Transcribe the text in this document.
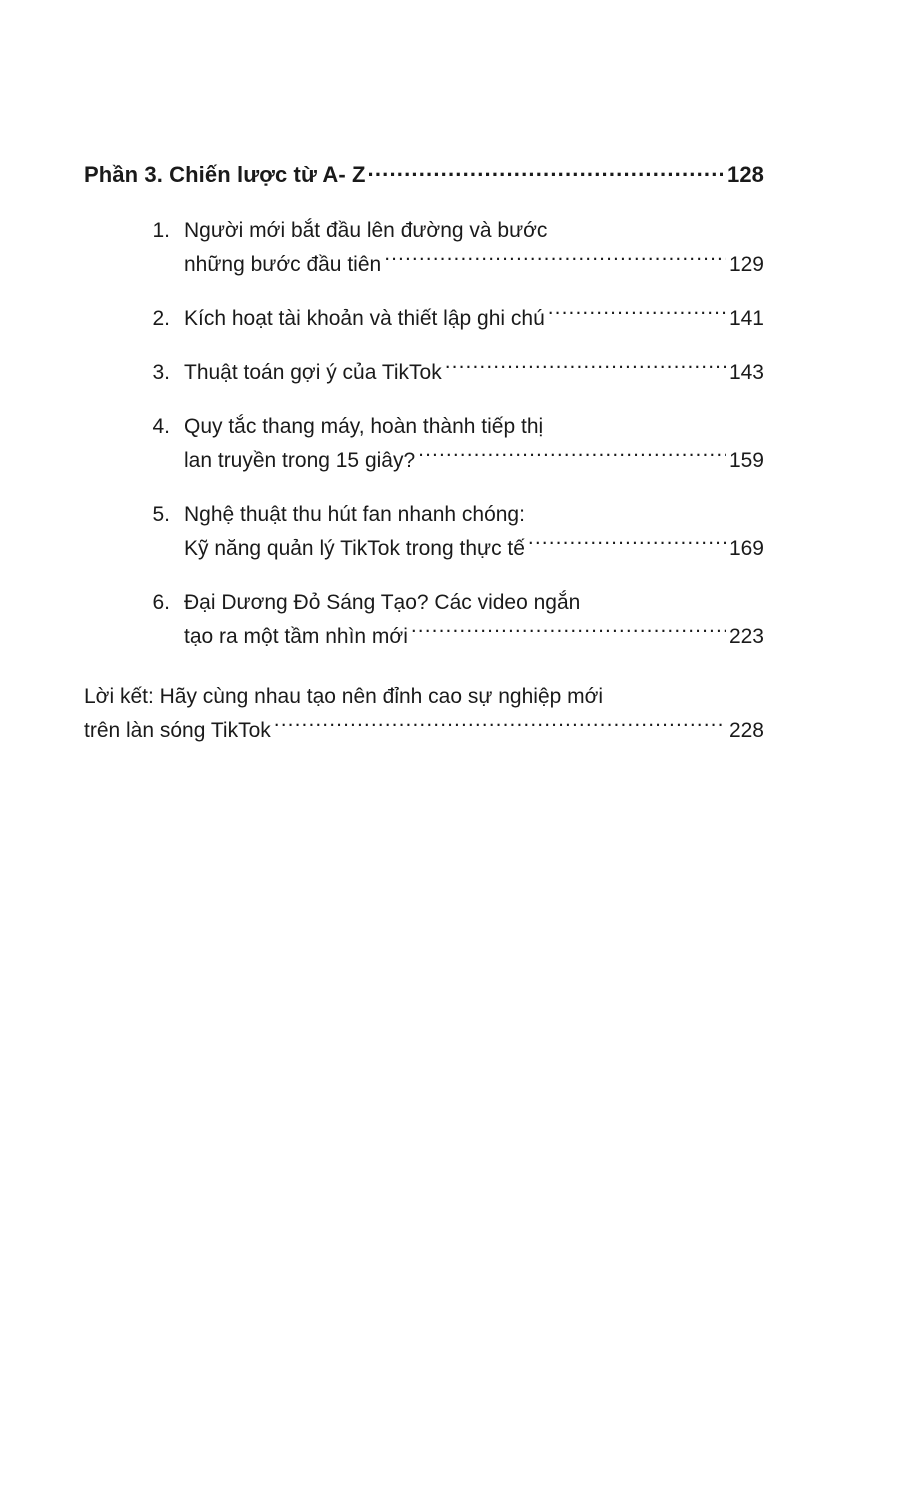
Phần 3. Chiến lược từ A- Z .....	128
1. Người mới bắt đầu lên đường và bước
những bước đầu tiên .....	129
2. Kích hoạt tài khoản và thiết lập ghi chú .....	141
3. Thuật toán gợi ý của TikTok .....	143
4. Quy tắc thang máy, hoàn thành tiếp thị
lan truyền trong 15 giây? .....	159
5. Nghệ thuật thu hút fan nhanh chóng:
Kỹ năng quản lý TikTok trong thực tế .....	169
6. Đại Dương Đỏ Sáng Tạo? Các video ngắn
tạo ra một tầm nhìn mới .....	223
Lời kết: Hãy cùng nhau tạo nên đỉnh cao sự nghiệp mới
trên làn sóng TikTok .....	228
